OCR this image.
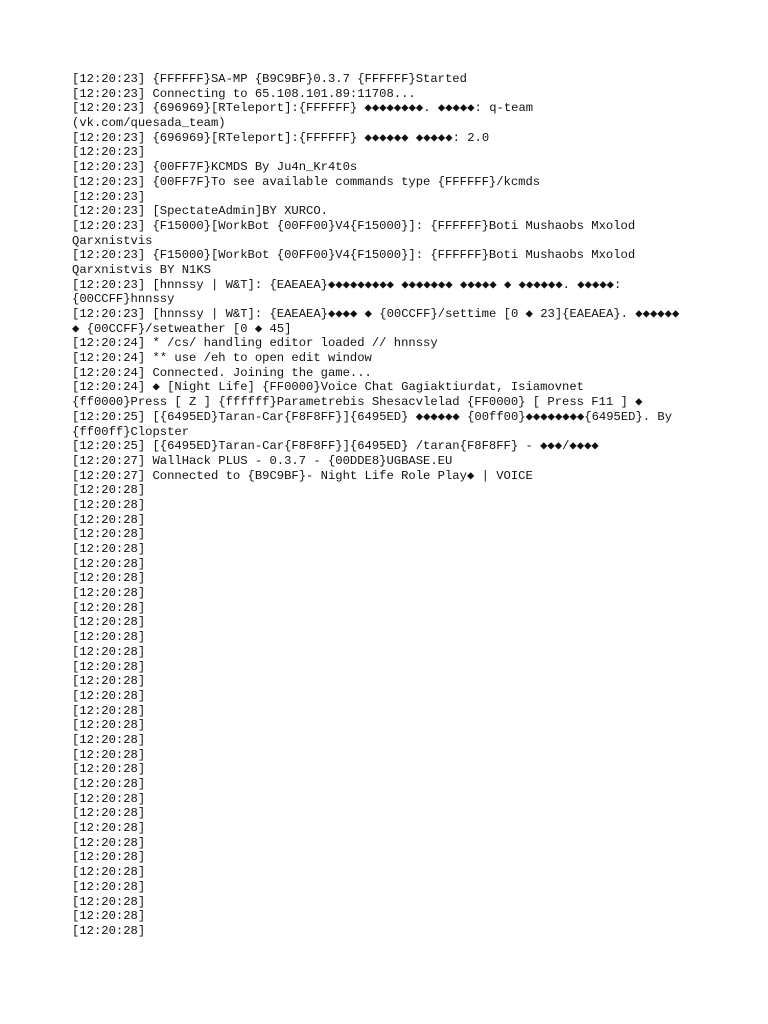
[12:20:23] {FFFFFF}SA-MP {B9C9BF}0.3.7 {FFFFFF}Started
[12:20:23] Connecting to 65.108.101.89:11708...
[12:20:23] {696969}[RTeleport]:{FFFFFF} ◆◆◆◆◆◆◆◆. ◆◆◆◆◆: q-team
(vk.com/quesada_team)
[12:20:23] {696969}[RTeleport]:{FFFFFF} ◆◆◆◆◆◆ ◆◆◆◆◆: 2.0
[12:20:23]
[12:20:23] {00FF7F}KCMDS By Ju4n_Kr4t0s
[12:20:23] {00FF7F}To see available commands type {FFFFFF}/kcmds
[12:20:23]
[12:20:23] [SpectateAdmin]BY XURCO.
[12:20:23] {F15000}[WorkBot {00FF00}V4{F15000}]: {FFFFFF}Boti Mushaobs Mxolod
Qarxnistvis
[12:20:23] {F15000}[WorkBot {00FF00}V4{F15000}]: {FFFFFF}Boti Mushaobs Mxolod
Qarxnistvis BY N1KS
[12:20:23] [hnnssy | W&T]: {EAEAEA}◆◆◆◆◆◆◆◆◆ ◆◆◆◆◆◆◆ ◆◆◆◆◆ ◆ ◆◆◆◆◆◆. ◆◆◆◆◆:
{00CCFF}hnnssy
[12:20:23] [hnnssy | W&T]: {EAEAEA}◆◆◆◆ ◆ {00CCFF}/settime [0 ◆ 23]{EAEAEA}. ◆◆◆◆◆◆
◆ {00CCFF}/setweather [0 ◆ 45]
[12:20:24] * /cs/ handling editor loaded // hnnssy
[12:20:24] ** use /eh to open edit window
[12:20:24] Connected. Joining the game...
[12:20:24] ◆ [Night Life] {FF0000}Voice Chat Gagiaktiurdat, Isiamovnet
{ff0000}Press [ Z ] {ffffff}Parametrebis Shesacvlelad {FF0000} [ Press F11 ] ◆
[12:20:25] [{6495ED}Taran-Car{F8F8FF}]{6495ED} ◆◆◆◆◆◆ {00ff00}◆◆◆◆◆◆◆◆{6495ED}. By
{ff00ff}Clopster
[12:20:25] [{6495ED}Taran-Car{F8F8FF}]{6495ED} /taran{F8F8FF} - ◆◆◆/◆◆◆◆
[12:20:27] WallHack PLUS - 0.3.7 - {00DDE8}UGBASE.EU
[12:20:27] Connected to {B9C9BF}- Night Life Role Play◆ | VOICE
[12:20:28]
[12:20:28]
[12:20:28]
[12:20:28]
[12:20:28]
[12:20:28]
[12:20:28]
[12:20:28]
[12:20:28]
[12:20:28]
[12:20:28]
[12:20:28]
[12:20:28]
[12:20:28]
[12:20:28]
[12:20:28]
[12:20:28]
[12:20:28]
[12:20:28]
[12:20:28]
[12:20:28]
[12:20:28]
[12:20:28]
[12:20:28]
[12:20:28]
[12:20:28]
[12:20:28]
[12:20:28]
[12:20:28]
[12:20:28]
[12:20:28]
